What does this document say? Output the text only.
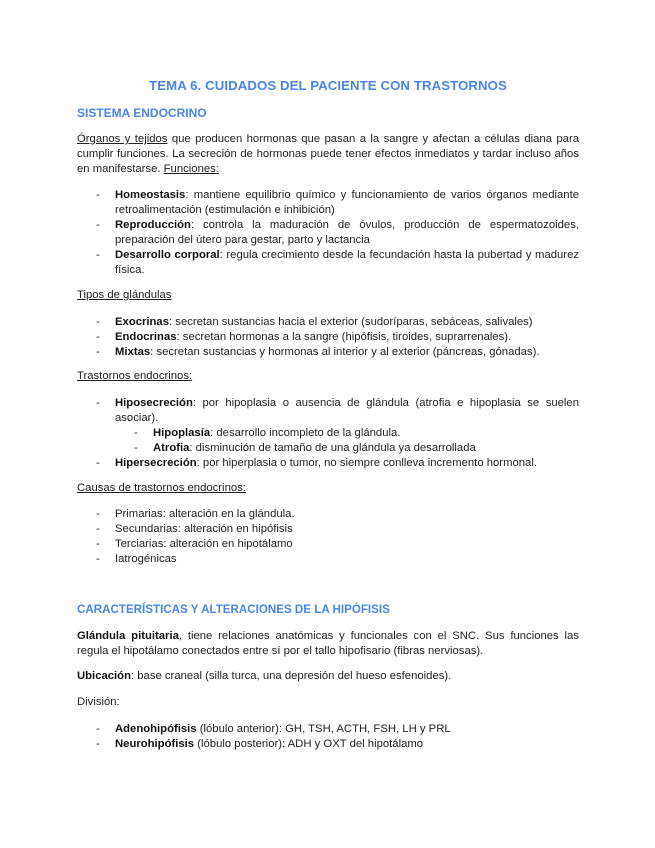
TEMA 6. CUIDADOS DEL PACIENTE CON TRASTORNOS
SISTEMA ENDOCRINO
Órganos y tejidos que producen hormonas que pasan a la sangre y afectan a células diana para cumplir funciones. La secreción de hormonas puede tener efectos inmediatos y tardar incluso años en manifestarse. Funciones:
- Homeostasis: mantiene equilibrio químico y funcionamiento de varios órganos mediante retroalimentación (estimulación e inhibición)
- Reproducción: controla la maduración de óvulos, producción de espermatozoides, preparación del útero para gestar, parto y lactancia
- Desarrollo corporal: regula crecimiento desde la fecundación hasta la pubertad y madurez física.
Tipos de glándulas
- Exocrinas: secretan sustancias hacia el exterior (sudoríparas, sebáceas, salivales)
- Endocrinas: secretan hormonas a la sangre (hipófisis, tiroides, suprarrenales).
- Mixtas: secretan sustancias y hormonas al interior y al exterior (páncreas, gónadas).
Trastornos endocrinos:
- Hiposecreción: por hipoplasia o ausencia de glándula (atrofia e hipoplasia se suelen asociar).
- Hipoplasía: desarrollo incompleto de la glándula.
- Atrofia: disminución de tamaño de una glándula ya desarrollada
- Hipersecreción: por hiperplasia o tumor, no siempre conlleva incremento hormonal.
Causas de trastornos endocrinos:
- Primarias: alteración en la glándula.
- Secundarias: alteración en hipófisis
- Terciarias: alteración en hipotálamo
- Iatrogénicas
CARACTERÍSTICAS Y ALTERACIONES DE LA HIPÓFISIS
Glándula pituitaria, tiene relaciones anatómicas y funcionales con el SNC. Sus funciones las regula el hipotálamo conectados entre sí por el tallo hipofisario (fibras nerviosas).
Ubicación: base craneal (silla turca, una depresión del hueso esfenoides).
División:
- Adenohipófisis (lóbulo anterior): GH, TSH, ACTH, FSH, LH y PRL
- Neurohipófisis (lóbulo posterior): ADH y OXT del hipotálamo
